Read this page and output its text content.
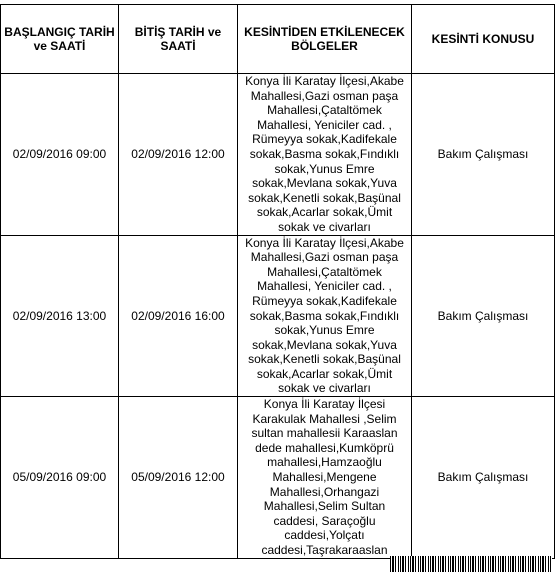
BAŞLANGIÇ TARİH ve SAATİ	BİTİŞ TARİH ve SAATİ	KESİNTİDEN ETKİLENECEK BÖLGELER	KESİNTİ KONUSU
02/09/2016 09:00	02/09/2016 12:00	Konya İli Karatay İlçesi,Akabe Mahallesi,Gazi osman paşa Mahallesi,Çataltömek Mahallesi, Yeniciler cad. , Rümeyya sokak,Kadifekale sokak,Basma sokak,Fındıklı sokak,Yunus Emre sokak,Mevlana sokak,Yuva sokak,Kenetli sokak,Başünal sokak,Acarlar sokak,Ümit sokak ve civarları	Bakım Çalışması
02/09/2016 13:00	02/09/2016 16:00	Konya İli Karatay İlçesi,Akabe Mahallesi,Gazi osman paşa Mahallesi,Çataltömek Mahallesi, Yeniciler cad. , Rümeyya sokak,Kadifekale sokak,Basma sokak,Fındıklı sokak,Yunus Emre sokak,Mevlana sokak,Yuva sokak,Kenetli sokak,Başünal sokak,Acarlar sokak,Ümit sokak ve civarları	Bakım Çalışması
05/09/2016 09:00	05/09/2016 12:00	Konya İli Karatay İlçesi Karakulak Mahallesi ,Selim sultan mahallesii Karaaslan dede mahallesi,Kumköprü mahallesi,Hamzaoğlu Mahallesi,Mengene Mahallesi,Orhangazi Mahallesi,Selim Sultan caddesi, Saraçoğlu caddesi,Yolçatı caddesi,Taşrakaraaslan	Bakım Çalışması
